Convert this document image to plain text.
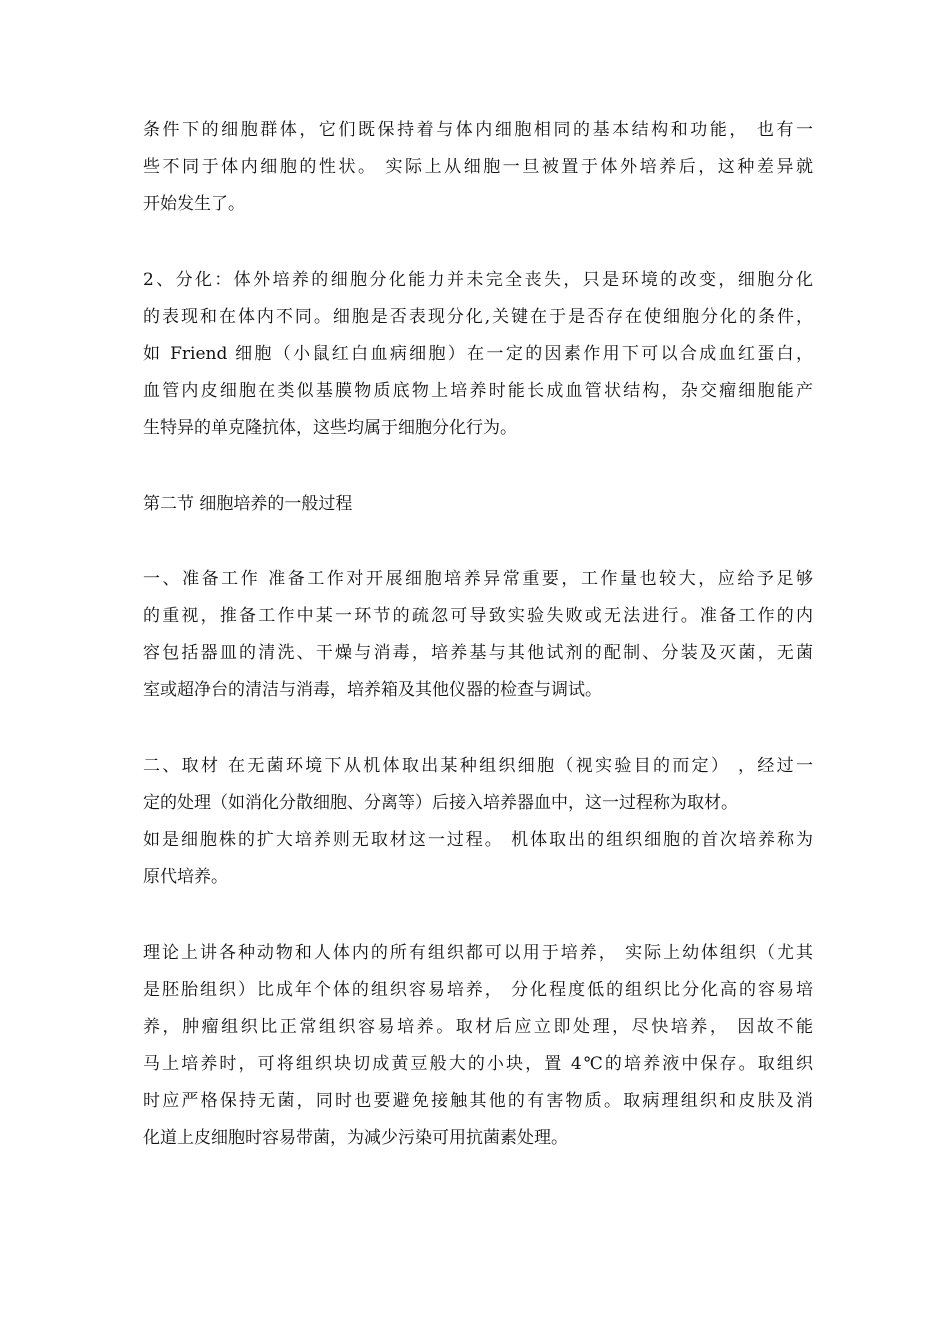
条件下的细胞群体，它们既保持着与体内细胞相同的基本结构和功能， 也有一
些不同于体内细胞的性状。 实际上从细胞一旦被置于体外培养后，这种差异就
开始发生了。
2、分化：体外培养的细胞分化能力并未完全丧失，只是环境的改变，细胞分化
的表现和在体内不同。细胞是否表现分化,关键在于是否存在使细胞分化的条件，
如 Friend 细胞（小鼠红白血病细胞）在一定的因素作用下可以合成血红蛋白，
血管内皮细胞在类似基膜物质底物上培养时能长成血管状结构，杂交瘤细胞能产
生特异的单克隆抗体，这些均属于细胞分化行为。
第二节 细胞培养的一般过程
一、准备工作 准备工作对开展细胞培养异常重要，工作量也较大，应给予足够
的重视，推备工作中某一环节的疏忽可导致实验失败或无法进行。准备工作的内
容包括器皿的清洗、干燥与消毒，培养基与其他试剂的配制、分装及灭菌，无菌
室或超净台的清洁与消毒，培养箱及其他仪器的检查与调试。
二、取材 在无菌环境下从机体取出某种组织细胞（视实验目的而定） ，经过一
定的处理（如消化分散细胞、分离等）后接入培养器血中，这一过程称为取材。
如是细胞株的扩大培养则无取材这一过程。 机体取出的组织细胞的首次培养称为
原代培养。
理论上讲各种动物和人体内的所有组织都可以用于培养， 实际上幼体组织（尤其
是胚胎组织）比成年个体的组织容易培养， 分化程度低的组织比分化高的容易培
养，肿瘤组织比正常组织容易培养。取材后应立即处理，尽快培养， 因故不能
马上培养时，可将组织块切成黄豆般大的小块，置 4℃的培养液中保存。取组织
时应严格保持无菌，同时也要避免接触其他的有害物质。取病理组织和皮肤及消
化道上皮细胞时容易带菌，为减少污染可用抗菌素处理。
